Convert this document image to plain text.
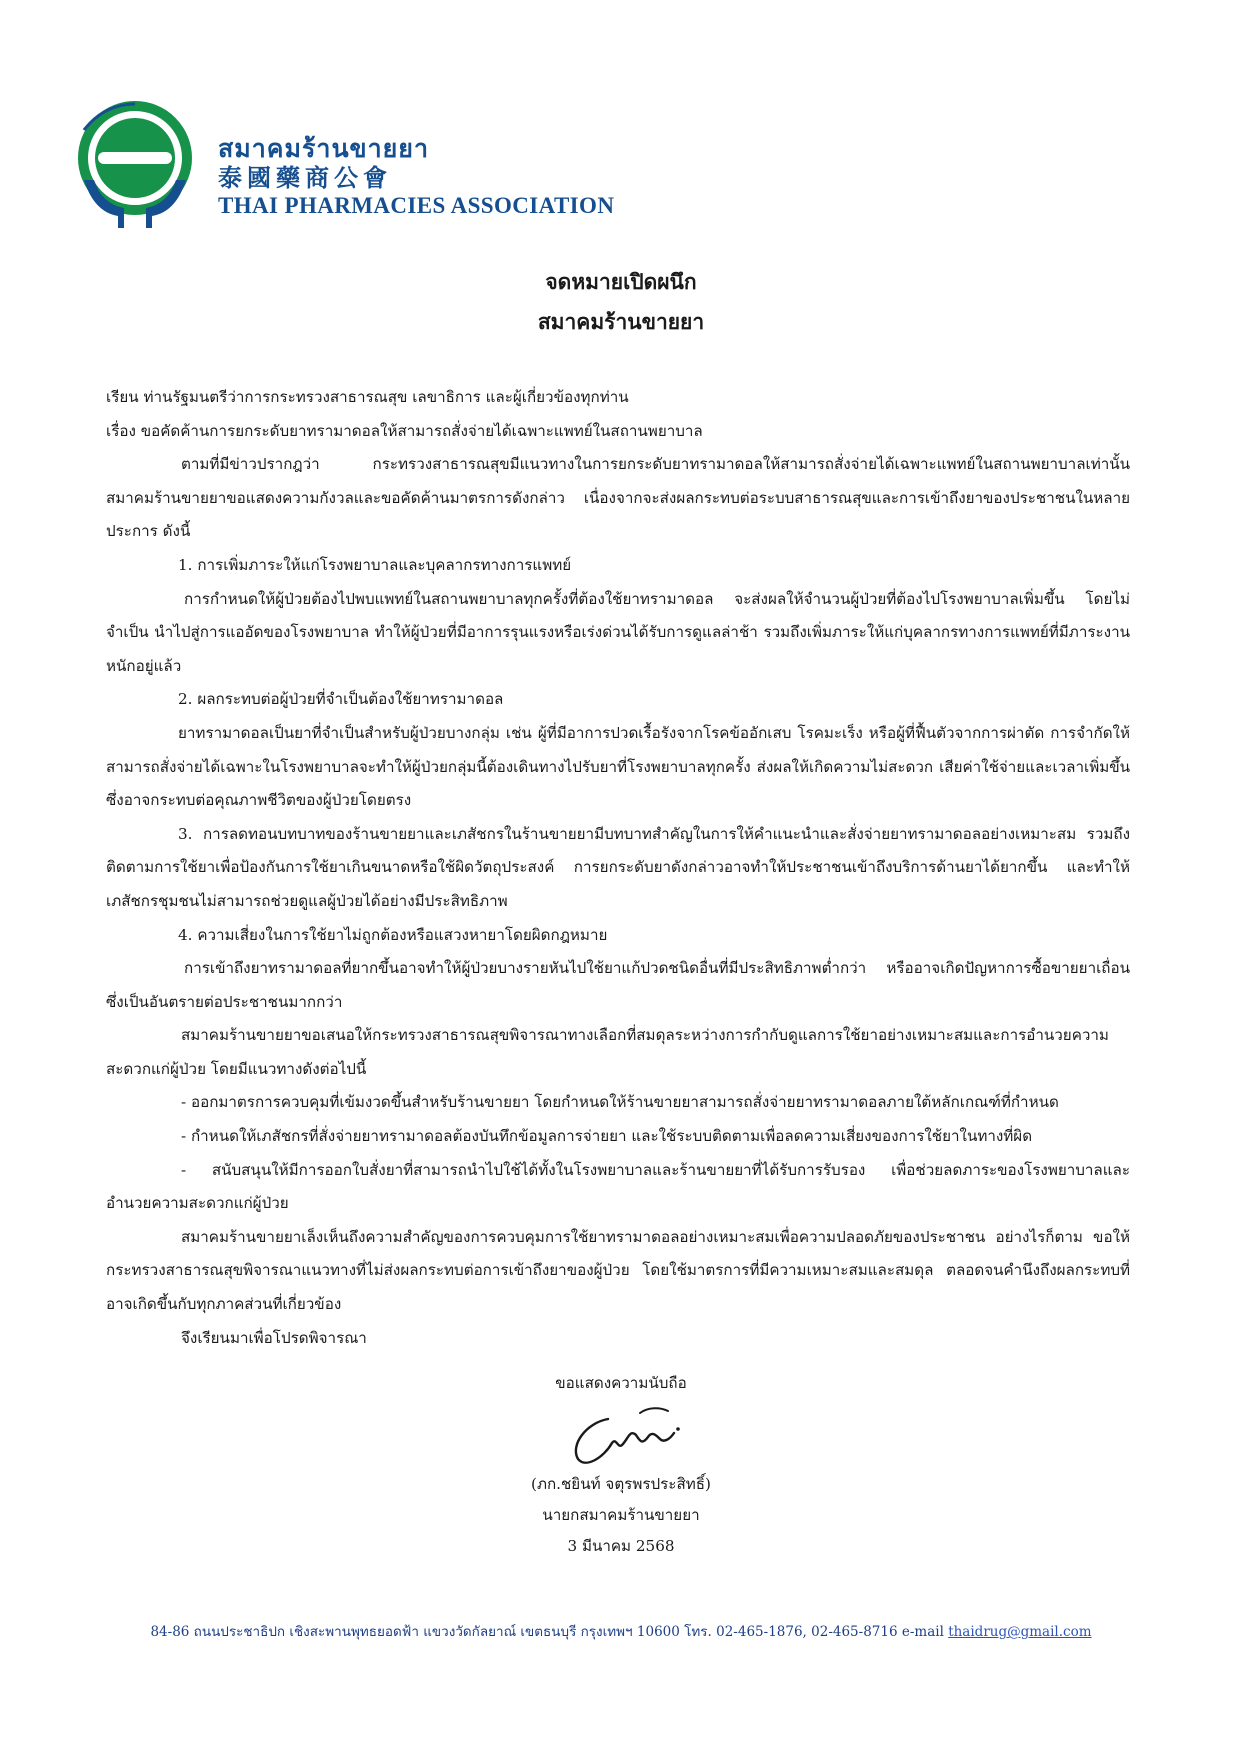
สมาคมร้านขายยา
泰國藥商公會
THAI PHARMACIES ASSOCIATION
จดหมายเปิดผนึก
สมาคมร้านขายยา

เรียน ท่านรัฐมนตรีว่าการกระทรวงสาธารณสุข เลขาธิการ และผู้เกี่ยวข้องทุกท่าน

เรื่อง ขอคัดค้านการยกระดับยาทรามาดอลให้สามารถสั่งจ่ายได้เฉพาะแพทย์ในสถานพยาบาล

ตามที่มีข่าวปรากฎว่า กระทรวงสาธารณสุขมีแนวทางในการยกระดับยาทรามาดอลให้สามารถสั่งจ่ายได้เฉพาะแพทย์ในสถานพยาบาลเท่านั้น สมาคมร้านขายยาขอแสดงความกังวลและขอคัดค้านมาตรการดังกล่าว เนื่องจากจะส่งผลกระทบต่อระบบสาธารณสุขและการเข้าถึงยาของประชาชนในหลายประการ ดังนี้

1. การเพิ่มภาระให้แก่โรงพยาบาลและบุคลากรทางการแพทย์

การกำหนดให้ผู้ป่วยต้องไปพบแพทย์ในสถานพยาบาลทุกครั้งที่ต้องใช้ยาทรามาดอล จะส่งผลให้จำนวนผู้ป่วยที่ต้องไปโรงพยาบาลเพิ่มขึ้น โดยไม่จำเป็น นำไปสู่การแออัดของโรงพยาบาล ทำให้ผู้ป่วยที่มีอาการรุนแรงหรือเร่งด่วนได้รับการดูแลล่าช้า รวมถึงเพิ่มภาระให้แก่บุคลากรทางการแพทย์ที่มีภาระงานหนักอยู่แล้ว

2. ผลกระทบต่อผู้ป่วยที่จำเป็นต้องใช้ยาทรามาดอล

ยาทรามาดอลเป็นยาที่จำเป็นสำหรับผู้ป่วยบางกลุ่ม เช่น ผู้ที่มีอาการปวดเรื้อรังจากโรคข้ออักเสบ โรคมะเร็ง หรือผู้ที่ฟื้นตัวจากการผ่าตัด การจำกัดให้สามารถสั่งจ่ายได้เฉพาะในโรงพยาบาลจะทำให้ผู้ป่วยกลุ่มนี้ต้องเดินทางไปรับยาที่โรงพยาบาลทุกครั้ง ส่งผลให้เกิดความไม่สะดวก เสียค่าใช้จ่ายและเวลาเพิ่มขึ้น ซึ่งอาจกระทบต่อคุณภาพชีวิตของผู้ป่วยโดยตรง

3. การลดทอนบทบาทของร้านขายยาและเภสัชกรในร้านขายยามีบทบาทสำคัญในการให้คำแนะนำและสั่งจ่ายยาทรามาดอลอย่างเหมาะสม รวมถึงติดตามการใช้ยาเพื่อป้องกันการใช้ยาเกินขนาดหรือใช้ผิดวัตถุประสงค์ การยกระดับยาดังกล่าวอาจทำให้ประชาชนเข้าถึงบริการด้านยาได้ยากขึ้น และทำให้เภสัชกรชุมชนไม่สามารถช่วยดูแลผู้ป่วยได้อย่างมีประสิทธิภาพ

4. ความเสี่ยงในการใช้ยาไม่ถูกต้องหรือแสวงหายาโดยผิดกฎหมาย

การเข้าถึงยาทรามาดอลที่ยากขึ้นอาจทำให้ผู้ป่วยบางรายหันไปใช้ยาแก้ปวดชนิดอื่นที่มีประสิทธิภาพต่ำกว่า หรืออาจเกิดปัญหาการซื้อขายยาเถื่อน ซึ่งเป็นอันตรายต่อประชาชนมากกว่า

สมาคมร้านขายยาขอเสนอให้กระทรวงสาธารณสุขพิจารณาทางเลือกที่สมดุลระหว่างการกำกับดูแลการใช้ยาอย่างเหมาะสมและการอำนวยความสะดวกแก่ผู้ป่วย โดยมีแนวทางดังต่อไปนี้

- ออกมาตรการควบคุมที่เข้มงวดขึ้นสำหรับร้านขายยา โดยกำหนดให้ร้านขายยาสามารถสั่งจ่ายยาทรามาดอลภายใต้หลักเกณฑ์ที่กำหนด

- กำหนดให้เภสัชกรที่สั่งจ่ายยาทรามาดอลต้องบันทึกข้อมูลการจ่ายยา และใช้ระบบติดตามเพื่อลดความเสี่ยงของการใช้ยาในทางที่ผิด

- สนับสนุนให้มีการออกใบสั่งยาที่สามารถนำไปใช้ได้ทั้งในโรงพยาบาลและร้านขายยาที่ได้รับการรับรอง เพื่อช่วยลดภาระของโรงพยาบาลและอำนวยความสะดวกแก่ผู้ป่วย

สมาคมร้านขายยาเล็งเห็นถึงความสำคัญของการควบคุมการใช้ยาทรามาดอลอย่างเหมาะสมเพื่อความปลอดภัยของประชาชน อย่างไรก็ตาม ขอให้กระทรวงสาธารณสุขพิจารณาแนวทางที่ไม่ส่งผลกระทบต่อการเข้าถึงยาของผู้ป่วย โดยใช้มาตรการที่มีความเหมาะสมและสมดุล ตลอดจนคำนึงถึงผลกระทบที่อาจเกิดขึ้นกับทุกภาคส่วนที่เกี่ยวข้อง

จึงเรียนมาเพื่อโปรดพิจารณา

ขอแสดงความนับถือ
(ภก.ชยินท์ จตุรพรประสิทธิ์)
นายกสมาคมร้านขายยา
3 มีนาคม 2568
84-86 ถนนประชาธิปก เชิงสะพานพุทธยอดฟ้า แขวงวัดกัลยาณ์ เขตธนบุรี กรุงเทพฯ 10600 โทร. 02-465-1876, 02-465-8716 e-mail thaidrug@gmail.com
